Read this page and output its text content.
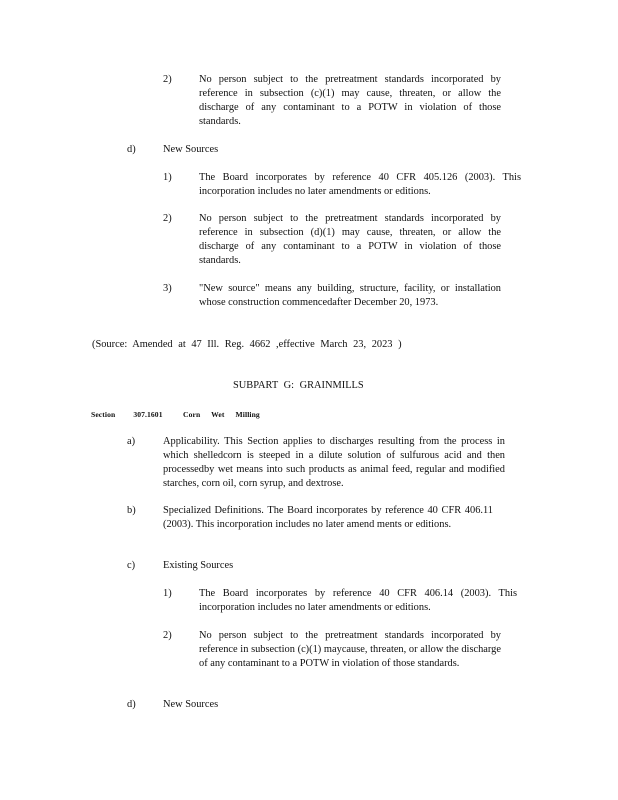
2)	No person subject to the pretreatment standards incorporated by reference in subsection (c)(1) may cause, threaten, or allow the discharge of any contaminant to a POTW in violation of those standards.
d)	New Sources
1)	The Board incorporates by reference 40 CFR 405.126 (2003). This incorporation includes no later amendments or editions.
2)	No person subject to the pretreatment standards incorporated by reference in subsection (d)(1) may cause, threaten, or allow the discharge of any contaminant to a POTW in violation of those standards.
3)	"New source" means any building, structure, facility, or installation whose construction commencedafter December 20, 1973.
(Source: Amended at 47 Ill. Reg. 4662 ,effective March 23, 2023 )
SUBPART G: GRAINMILLS
Section 307.1601	Corn Wet Milling
a)	Applicability. This Section applies to discharges resulting from the process in which shelledcorn is steeped in a dilute solution of sulfurous acid and then processedby wet means into such products as animal feed, regular and modified starches, corn oil, corn syrup, and dextrose.
b)	Specialized Definitions. The Board incorporates by reference 40 CFR 406.11 (2003). This incorporation includes no later amend ments or editions.
c)	Existing Sources
1)	The Board incorporates by reference 40 CFR 406.14 (2003). This incorporation includes no later amendments or editions.
2)	No person subject to the pretreatment standards incorporated by reference in subsection (c)(1) maycause, threaten, or allow the discharge of any contaminant to a POTW in violation of those standards.
d)	New Sources
